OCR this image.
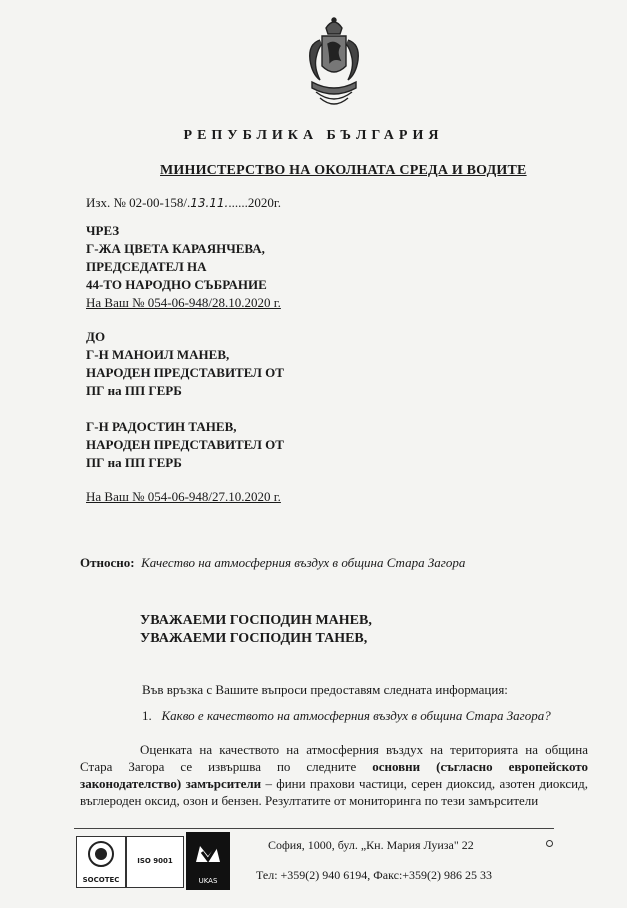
РЕПУБЛИКА БЪЛГАРИЯ
МИНИСТЕРСТВО НА ОКОЛНАТА СРЕДА И ВОДИТЕ
Изх. № 02-00-158/.13.11.......2020г.
ЧРЕЗ
Г-ЖА ЦВЕТА КАРАЯНЧЕВА,
ПРЕДСЕДАТЕЛ НА
44-ТО НАРОДНО СЪБРАНИЕ
На Ваш № 054-06-948/28.10.2020 г.
ДО
Г-Н МАНОИЛ МАНЕВ,
НАРОДЕН ПРЕДСТАВИТЕЛ ОТ
ПГ на ПП ГЕРБ
Г-Н РАДОСТИН ТАНЕВ,
НАРОДЕН ПРЕДСТАВИТЕЛ ОТ
ПГ на ПП ГЕРБ
На Ваш № 054-06-948/27.10.2020 г.
Относно: Качество на атмосферния въздух в община Стара Загора
УВАЖАЕМИ ГОСПОДИН МАНЕВ,
УВАЖАЕМИ ГОСПОДИН ТАНЕВ,
Във връзка с Вашите въпроси предоставям следната информация:
1. Какво е качеството на атмосферния въздух в община Стара Загора?
Оценката на качеството на атмосферния въздух на територията на община Стара Загора се извършва по следните основни (съгласно европейското законодателство) замърсители – фини прахови частици, серен диоксид, азотен диоксид, въглероден оксид, озон и бензен. Резултатите от мониторинга по тези замърсители
SOCOTEC
ISO 9001
UKAS
София, 1000, бул. „Кн. Мария Луиза" 22
Тел: +359(2) 940 6194, Факс:+359(2) 986 25 33
